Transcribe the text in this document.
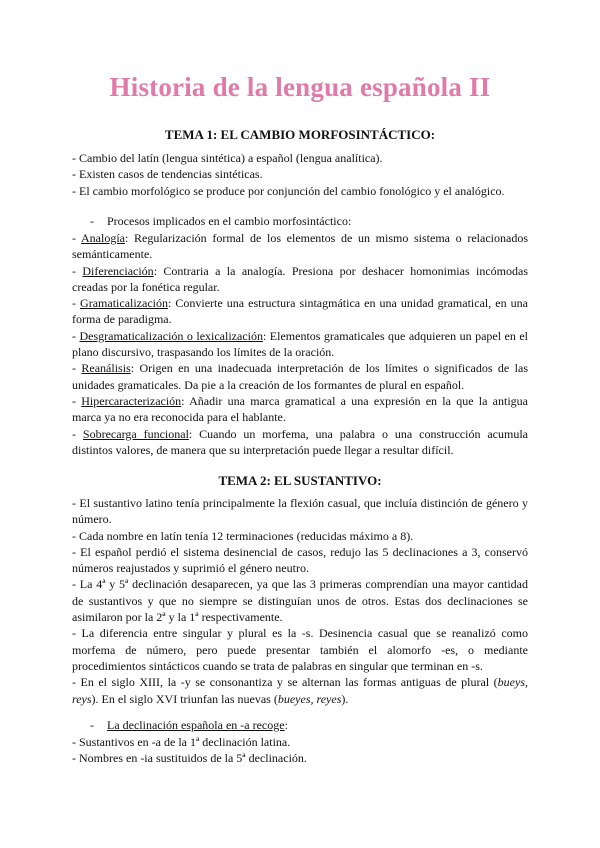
Historia de la lengua española II
TEMA 1: EL CAMBIO MORFOSINTÁCTICO:

- Cambio del latín (lengua sintética) a español (lengua analítica).

- Existen casos de tendencias sintéticas.

- El cambio morfológico se produce por conjunción del cambio fonológico y el analógico.

- Procesos implicados en el cambio morfosintáctico:

- Analogía: Regularización formal de los elementos de un mismo sistema o relacionados semánticamente.

- Diferenciación: Contraria a la analogía. Presiona por deshacer homonimias incómodas creadas por la fonética regular.

- Gramaticalización: Convierte una estructura sintagmática en una unidad gramatical, en una forma de paradigma.

- Desgramaticalización o lexicalización: Elementos gramaticales que adquieren un papel en el plano discursivo, traspasando los límites de la oración.

- Reanálisis: Origen en una inadecuada interpretación de los límites o significados de las unidades gramaticales. Da pie a la creación de los formantes de plural en español.

- Hipercaracterización: Añadir una marca gramatical a una expresión en la que la antigua marca ya no era reconocida para el hablante.

- Sobrecarga funcional: Cuando un morfema, una palabra o una construcción acumula distintos valores, de manera que su interpretación puede llegar a resultar difícil.

TEMA 2: EL SUSTANTIVO:

- El sustantivo latino tenía principalmente la flexión casual, que incluía distinción de género y número.

- Cada nombre en latín tenía 12 terminaciones (reducidas máximo a 8).

- El español perdió el sistema desinencial de casos, redujo las 5 declinaciones a 3, conservó números reajustados y suprimió el género neutro.

- La 4ª y 5ª declinación desaparecen, ya que las 3 primeras comprendían una mayor cantidad de sustantivos y que no siempre se distinguían unos de otros. Estas dos declinaciones se asimilaron por la 2ª y la 1ª respectivamente.

- La diferencia entre singular y plural es la -s. Desinencia casual que se reanalizó como morfema de número, pero puede presentar también el alomorfo -es, o mediante procedimientos sintácticos cuando se trata de palabras en singular que terminan en -s.

- En el siglo XIII, la -y se consonantiza y se alternan las formas antiguas de plural (bueys, reys). En el siglo XVI triunfan las nuevas (bueyes, reyes).

- La declinación española en -a recoge:

- Sustantivos en -a de la 1ª declinación latina.

- Nombres en -ia sustituidos de la 5ª declinación.
